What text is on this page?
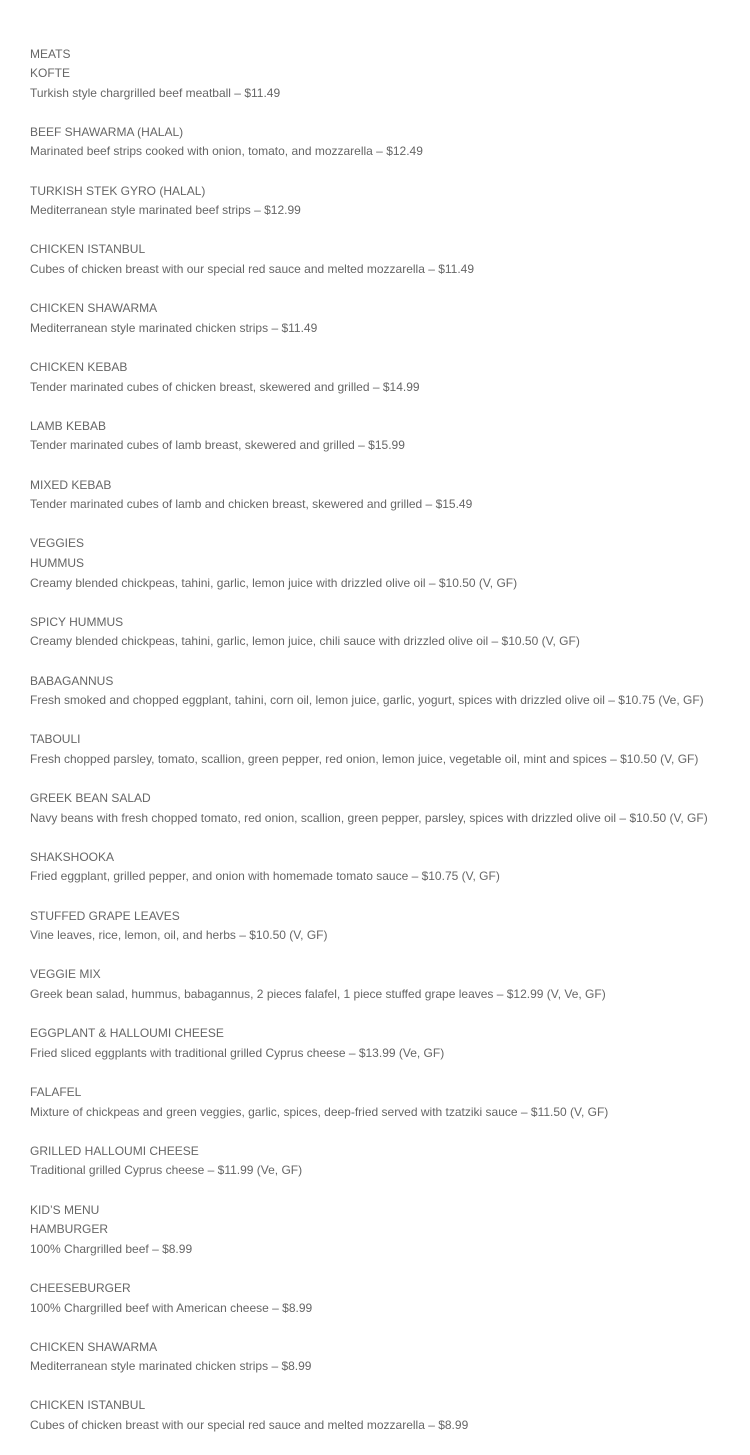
MEATS
KOFTE
Turkish style chargrilled beef meatball – $11.49
BEEF SHAWARMA (HALAL)
Marinated beef strips cooked with onion, tomato, and mozzarella – $12.49
TURKISH STEK GYRO (HALAL)
Mediterranean style marinated beef strips – $12.99
CHICKEN ISTANBUL
Cubes of chicken breast with our special red sauce and melted mozzarella – $11.49
CHICKEN SHAWARMA
Mediterranean style marinated chicken strips – $11.49
CHICKEN KEBAB
Tender marinated cubes of chicken breast, skewered and grilled – $14.99
LAMB KEBAB
Tender marinated cubes of lamb breast, skewered and grilled – $15.99
MIXED KEBAB
Tender marinated cubes of lamb and chicken breast, skewered and grilled – $15.49
VEGGIES
HUMMUS
Creamy blended chickpeas, tahini, garlic, lemon juice with drizzled olive oil – $10.50 (V, GF)
SPICY HUMMUS
Creamy blended chickpeas, tahini, garlic, lemon juice, chili sauce with drizzled olive oil – $10.50 (V, GF)
BABAGANNUS
Fresh smoked and chopped eggplant, tahini, corn oil, lemon juice, garlic, yogurt, spices with drizzled olive oil – $10.75 (Ve, GF)
TABOULI
Fresh chopped parsley, tomato, scallion, green pepper, red onion, lemon juice, vegetable oil, mint and spices – $10.50 (V, GF)
GREEK BEAN SALAD
Navy beans with fresh chopped tomato, red onion, scallion, green pepper, parsley, spices with drizzled olive oil – $10.50 (V, GF)
SHAKSHOOKA
Fried eggplant, grilled pepper, and onion with homemade tomato sauce – $10.75 (V, GF)
STUFFED GRAPE LEAVES
Vine leaves, rice, lemon, oil, and herbs – $10.50 (V, GF)
VEGGIE MIX
Greek bean salad, hummus, babagannus, 2 pieces falafel, 1 piece stuffed grape leaves – $12.99 (V, Ve, GF)
EGGPLANT & HALLOUMI CHEESE
Fried sliced eggplants with traditional grilled Cyprus cheese – $13.99 (Ve, GF)
FALAFEL
Mixture of chickpeas and green veggies, garlic, spices, deep-fried served with tzatziki sauce – $11.50 (V, GF)
GRILLED HALLOUMI CHEESE
Traditional grilled Cyprus cheese – $11.99 (Ve, GF)
KID’S MENU
HAMBURGER
100% Chargrilled beef – $8.99
CHEESEBURGER
100% Chargrilled beef with American cheese – $8.99
CHICKEN SHAWARMA
Mediterranean style marinated chicken strips – $8.99
CHICKEN ISTANBUL
Cubes of chicken breast with our special red sauce and melted mozzarella – $8.99
